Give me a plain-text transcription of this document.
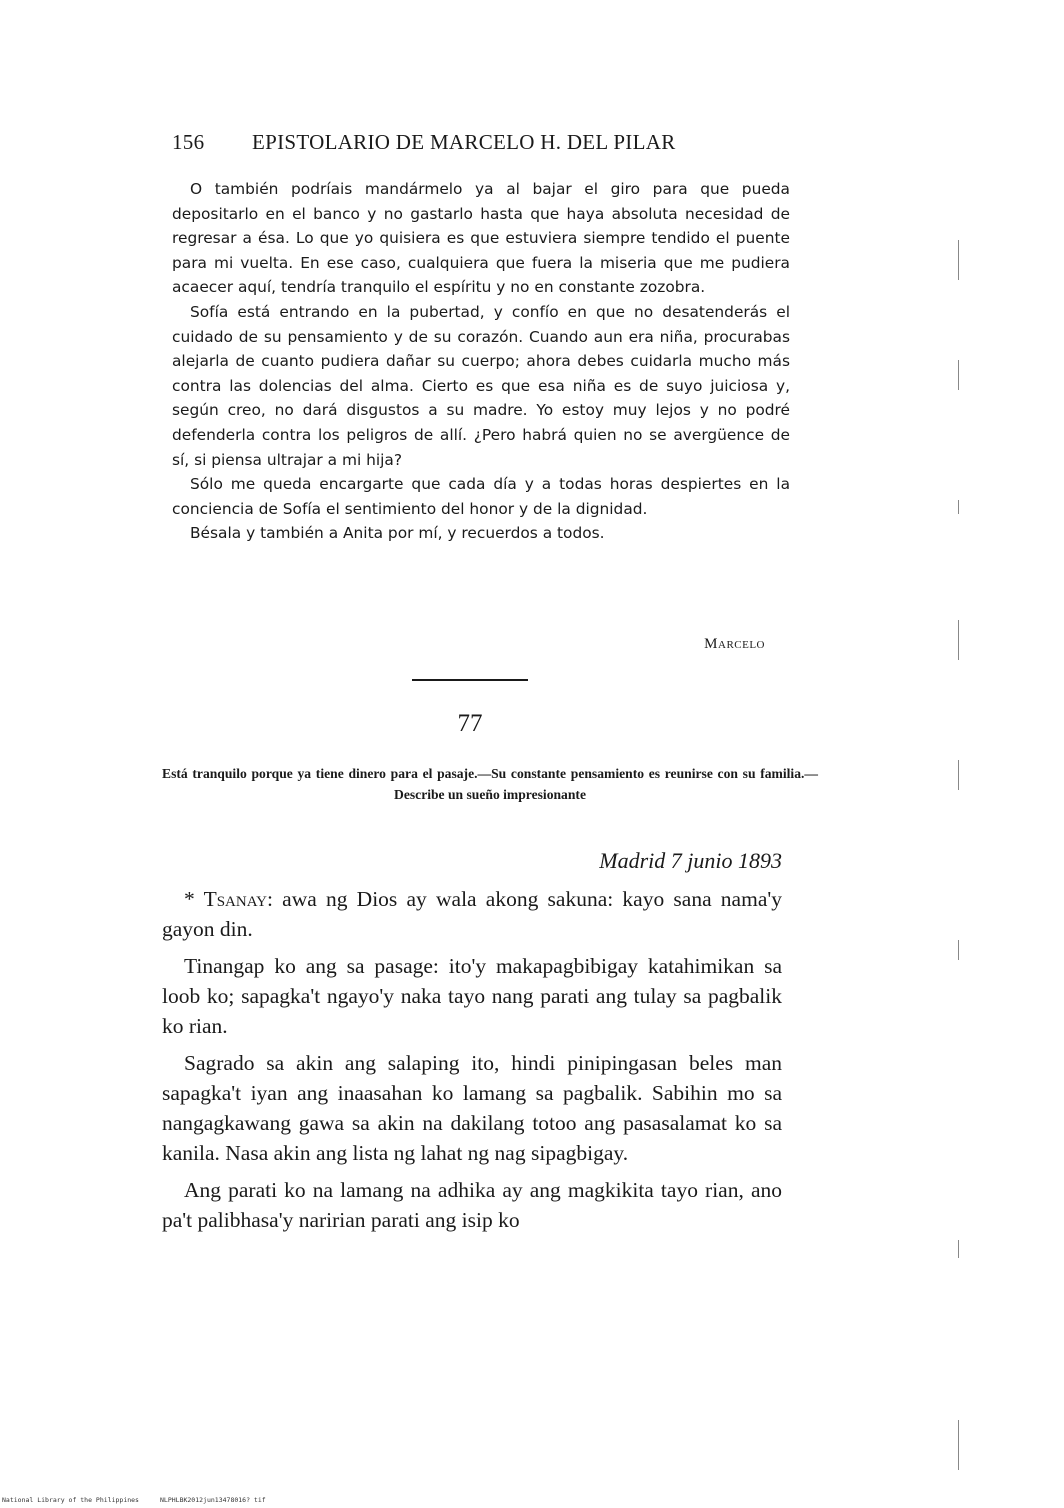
156 EPISTOLARIO DE MARCELO H. DEL PILAR

O también podríais mandármelo ya al bajar el giro para que pueda depositarlo en el banco y no gastarlo hasta que haya absoluta necesidad de regresar a ésa. Lo que yo quisiera es que estuviera siempre tendido el puente para mi vuelta. En ese caso, cualquiera que fuera la miseria que me pudiera acaecer aquí, tendría tranquilo el espíritu y no en constante zozobra.

Sofía está entrando en la pubertad, y confío en que no desatenderás el cuidado de su pensamiento y de su corazón. Cuando aun era niña, procurabas alejarla de cuanto pudiera dañar su cuerpo; ahora debes cuidarla mucho más contra las dolencias del alma. Cierto es que esa niña es de suyo juiciosa y, según creo, no dará disgustos a su madre. Yo estoy muy lejos y no podré defenderla contra los peligros de allí. ¿Pero habrá quien no se avergüence de sí, si piensa ultrajar a mi hija?

Sólo me queda encargarte que cada día y a todas horas despiertes en la conciencia de Sofía el sentimiento del honor y de la dignidad.

Bésala y también a Anita por mí, y recuerdos a todos.

Marcelo
77

Está tranquilo porque ya tiene dinero para el pasaje.—Su constante pensamiento es reunirse con su familia.—Describe un sueño impresionante

Madrid 7 junio 1893

* Tsanay: awa ng Dios ay wala akong sakuna: kayo sana nama'y gayon din.

Tinangap ko ang sa pasage: ito'y makapagbibigay katahimikan sa loob ko; sapagka't ngayo'y naka tayo nang parati ang tulay sa pagbalik ko rian.

Sagrado sa akin ang salaping ito, hindi pinipingasan beles man sapagka't iyan ang inaasahan ko lamang sa pagbalik. Sabihin mo sa nangagkawang gawa sa akin na dakilang totoo ang pasasalamat ko sa kanila. Nasa akin ang lista ng lahat ng nag sipagbigay.

Ang parati ko na lamang na adhika ay ang magkikita tayo rian, ano pa't palibhasa'y naririan parati ang isip ko

National Library of the Philippines	NLPHLBK2012jun13478016? tif
